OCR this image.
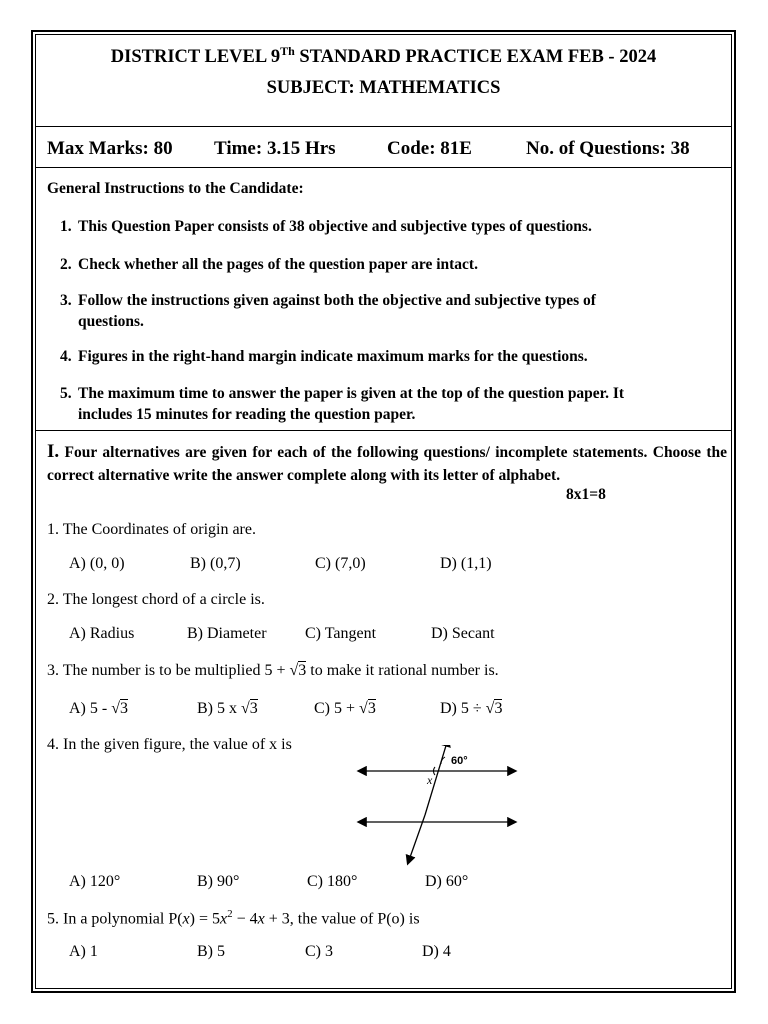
DISTRICT LEVEL 9Th STANDARD PRACTICE EXAM FEB - 2024
SUBJECT: MATHEMATICS
Max Marks: 80 Time: 3.15 Hrs	Code: 81E	No. of Questions: 38
General Instructions to the Candidate:
1. This Question Paper consists of 38 objective and subjective types of questions.
2. Check whether all the pages of the question paper are intact.
3. Follow the instructions given against both the objective and subjective types of
questions.
4. Figures in the right-hand margin indicate maximum marks for the questions.
5. The maximum time to answer the paper is given at the top of the question paper. It
includes 15 minutes for reading the question paper.
I. Four alternatives are given for each of the following questions/ incomplete statements. Choose the correct alternative write the answer complete along with its letter of alphabet.
8x1=8
1. The Coordinates of origin are.
A) (0, 0)	B) (0,7)	C) (7,0)	D) (1,1)
2. The longest chord of a circle is.
A) Radius	B) Diameter C) Tangent	D) Secant
3. The number is to be multiplied 5 + √3 to make it rational number is.
A) 5 - √3	B) 5 x √3	C) 5 + √3	D) 5 ÷ √3
4. In the given figure, the value of x is
60°
x
A) 120°	B) 90°	C) 180°	D) 60°
5. In a polynomial $P(x) = 5x^2 - 4x + 3$, the value of P(o) is
A) 1	B) 5	C) 3	D) 4
